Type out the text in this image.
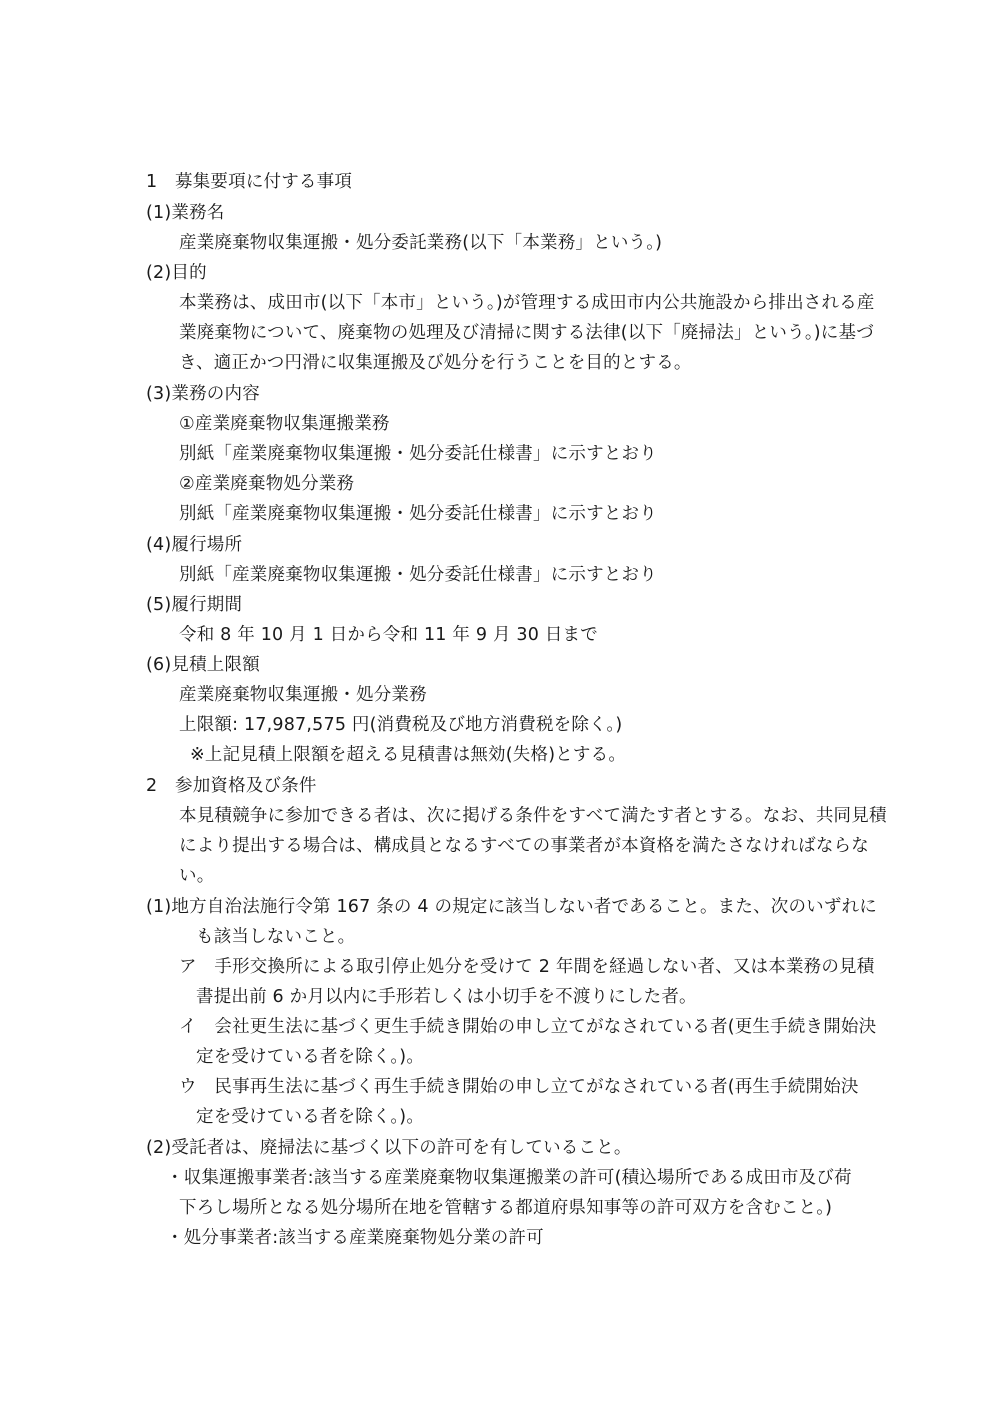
1　募集要項に付する事項
(1)業務名
産業廃棄物収集運搬・処分委託業務(以下「本業務」という。)
(2)目的
本業務は、成田市(以下「本市」という。)が管理する成田市内公共施設から排出される産
業廃棄物について、廃棄物の処理及び清掃に関する法律(以下「廃掃法」という。)に基づ
き、適正かつ円滑に収集運搬及び処分を行うことを目的とする。
(3)業務の内容
①産業廃棄物収集運搬業務
別紙「産業廃棄物収集運搬・処分委託仕様書」に示すとおり
②産業廃棄物処分業務
別紙「産業廃棄物収集運搬・処分委託仕様書」に示すとおり
(4)履行場所
別紙「産業廃棄物収集運搬・処分委託仕様書」に示すとおり
(5)履行期間
令和 8 年 10 月 1 日から令和 11 年 9 月 30 日まで
(6)見積上限額
産業廃棄物収集運搬・処分業務
上限額: 17,987,575 円(消費税及び地方消費税を除く。)
※上記見積上限額を超える見積書は無効(失格)とする。
2　参加資格及び条件
本見積競争に参加できる者は、次に掲げる条件をすべて満たす者とする。なお、共同見積
により提出する場合は、構成員となるすべての事業者が本資格を満たさなければならな
い。
(1)地方自治法施行令第 167 条の 4 の規定に該当しない者であること。また、次のいずれに
も該当しないこと。
ア　手形交換所による取引停止処分を受けて 2 年間を経過しない者、又は本業務の見積
書提出前 6 か月以内に手形若しくは小切手を不渡りにした者。
イ　会社更生法に基づく更生手続き開始の申し立てがなされている者(更生手続き開始決
定を受けている者を除く。)。
ウ　民事再生法に基づく再生手続き開始の申し立てがなされている者(再生手続開始決
定を受けている者を除く。)。
(2)受託者は、廃掃法に基づく以下の許可を有していること。
・収集運搬事業者:該当する産業廃棄物収集運搬業の許可(積込場所である成田市及び荷
下ろし場所となる処分場所在地を管轄する都道府県知事等の許可双方を含むこと。)
・処分事業者:該当する産業廃棄物処分業の許可
